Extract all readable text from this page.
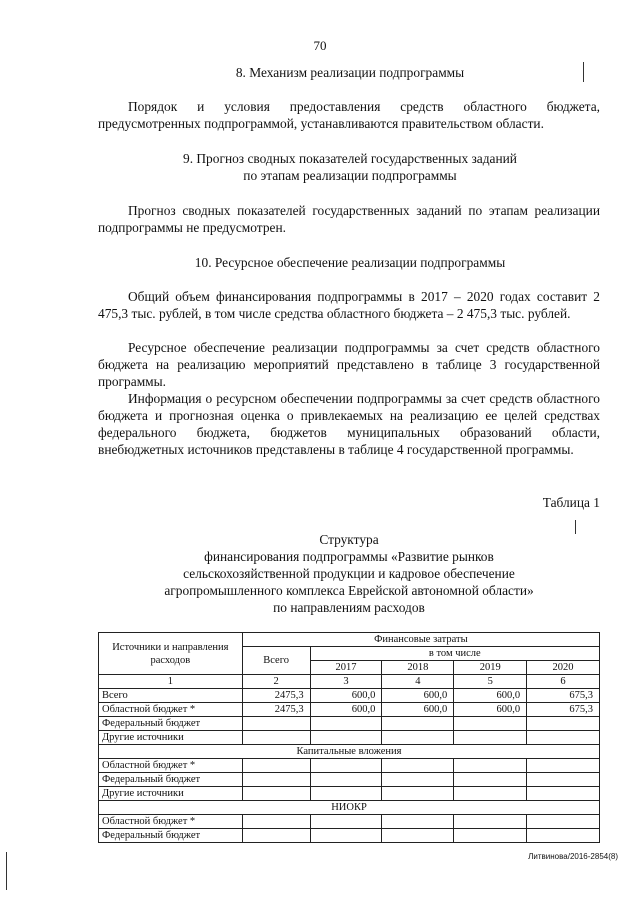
70
8. Механизм реализации подпрограммы
Порядок и условия предоставления средств областного бюджета, предусмотренных подпрограммой, устанавливаются правительством области.
9. Прогноз сводных показателей государственных заданий
по этапам реализации подпрограммы
Прогноз сводных показателей государственных заданий по этапам реализации подпрограммы не предусмотрен.
10. Ресурсное обеспечение реализации подпрограммы
Общий объем финансирования подпрограммы в 2017 – 2020 годах составит 2 475,3 тыс. рублей, в том числе средства областного бюджета – 2 475,3 тыс. рублей.
Ресурсное обеспечение реализации подпрограммы за счет средств областного бюджета на реализацию мероприятий представлено в таблице 3 государственной программы.
Информация о ресурсном обеспечении подпрограммы за счет средств областного бюджета и прогнозная оценка о привлекаемых на реализацию ее целей средствах федерального бюджета, бюджетов муниципальных образований области, внебюджетных источников представлены в таблице 4 государственной программы.
Таблица 1
Структура
финансирования подпрограммы «Развитие рынков
сельскохозяйственной продукции и кадровое обеспечение
агропромышленного комплекса Еврейской автономной области»
по направлениям расходов
Источники и направления расходов	Финансовые затраты				
	Всего	в том числе			
		2017	2018	2019	2020
1	2	3	4	5	6
Всего	2475,3	600,0	600,0	600,0	675,3
Областной бюджет *	2475,3	600,0	600,0	600,0	675,3
Федеральный бюджет					
Другие источники					
Капитальные вложения					
Областной бюджет *					
Федеральный бюджет					
Другие источники					
НИОКР					
Областной бюджет *					
Федеральный бюджет					
Литвинова/2016-2854(8)
